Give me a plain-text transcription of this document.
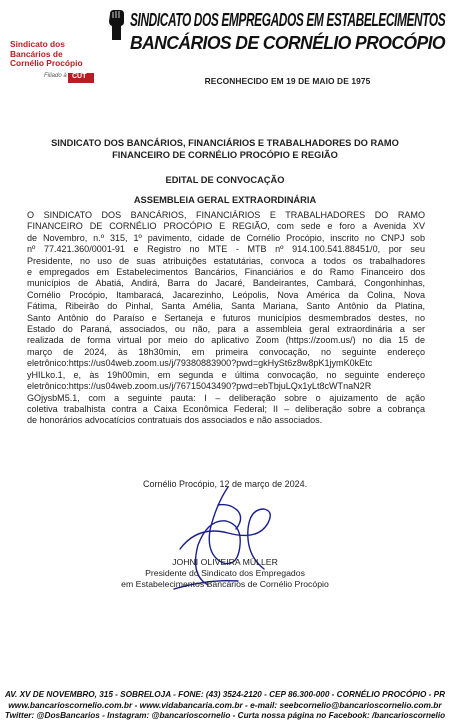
Sindicato dos
Bancários de
Cornélio Procópio
Filiado à CUT
SINDICATO DOS EMPREGADOS EM ESTABELECIMENTOS
BANCÁRIOS DE CORNÉLIO PROCÓPIO
RECONHECIDO EM 19 DE MAIO DE 1975
SINDICATO DOS BANCÁRIOS, FINANCIÁRIOS E TRABALHADORES DO RAMO
FINANCEIRO DE CORNÉLIO PROCÓPIO E REGIÃO
EDITAL DE CONVOCAÇÃO
ASSEMBLEIA GERAL EXTRAORDINÁRIA
O SINDICATO DOS BANCÁRIOS, FINANCIÁRIOS E TRABALHADORES DO RAMO
FINANCEIRO DE CORNÉLIO PROCÓPIO E REGIÃO, com sede e foro a Avenida XV
de Novembro, n.º 315, 1º pavimento, cidade de Cornélio Procópio, inscrito no CNPJ sob
nº 77.421.360/0001-91 e Registro no MTE - MTB nº 914.100.541.88451/0, por seu
Presidente, no uso de suas atribuições estatutárias, convoca a todos os trabalhadores
e empregados em Estabelecimentos Bancários, Financiários e do Ramo Financeiro dos
municípios de Abatiá, Andirá, Barra do Jacaré, Bandeirantes, Cambará, Congonhinhas,
Cornélio Procópio, Itambaracá, Jacarezinho, Leópolis, Nova América da Colina, Nova
Fátima, Ribeirão do Pinhal, Santa Amélia, Santa Mariana, Santo Antônio da Platina,
Santo Antônio do Paraíso e Sertaneja e futuros municípios desmembrados destes, no
Estado do Paraná, associados, ou não, para a assembleia geral extraordinária a ser
realizada de forma virtual por meio do aplicativo Zoom (https://zoom.us/) no dia 15 de
março de 2024, às 18h30min, em primeira convocação, no seguinte endereço
eletrônico:https://us04web.zoom.us/j/79380883900?pwd=gkHySt6z8w8pK1jymK0kEtc
yHILko.1, e, às 19h00min, em segunda e última convocação, no seguinte endereço
eletrônico:https://us04web.zoom.us/j/76715043490?pwd=ebTbjuLQx1yLt8cWTnaN2R
GOjysbM5.1, com a seguinte pauta: I – deliberação sobre o ajuizamento de ação
coletiva trabalhista contra a Caixa Econômica Federal; II – deliberação sobre a cobrança
de honorários advocatícios contratuais dos associados e não associados.
Cornélio Procópio, 12 de março de 2024.
JOHNI OLIVEIRA MÜLLER
Presidente do Sindicato dos Empregados
em Estabelecimentos Bancários de Cornélio Procópio
AV. XV DE NOVEMBRO, 315 - SOBRELOJA - FONE: (43) 3524-2120 - CEP 86.300-000 - CORNÉLIO PROCÓPIO - PR
www.bancarioscornelio.com.br - www.vidabancaria.com.br - e-mail: seebcornelio@bancarioscornelio.com.br
Twitter: @DosBancarios - Instagram: @bancarioscornelio - Curta nossa página no Facebook: /bancarioscornelio
